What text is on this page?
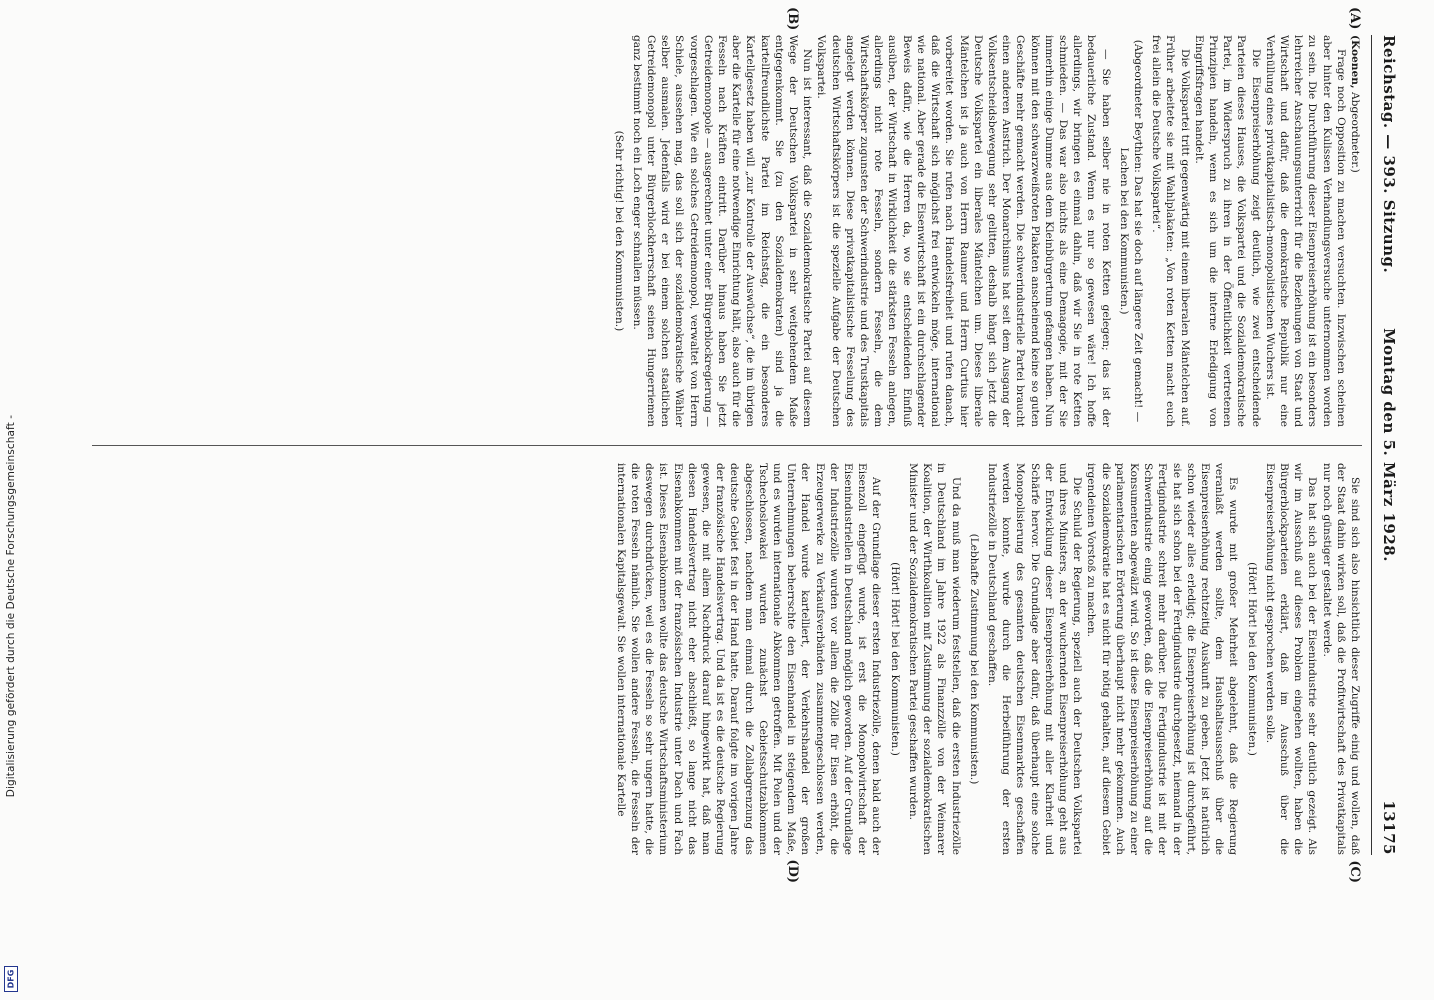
Digitalisierung gefördert durch die Deutsche Forschungsgemeinschaft -
DFG
Reichstag. — 393. Sitzung.
Montag den 5. März 1928.
13175
(A)
(B)
(C)
(D)

(Koenen, Abgeordneter.)

Frage noch Opposition zu machen versuchten. Inzwischen scheinen aber hinter den Kulissen Verhandlungsversuche unternommen worden zu sein. Die Durchführung dieser Eisenpreiserhöhung ist ein besonders lehrreicher Anschauungsunterricht für die Beziehungen von Staat und Wirtschaft und dafür, daß die demokratische Republik nur eine Verhüllung eines privatkapitalistisch-monopolistischen Wuchers ist.

Die Eisenpreiserhöhung zeigt deutlich, wie zwei entscheidende Parteien dieses Hauses, die Volkspartei und die Sozialdemokratische Partei, im Widerspruch zu ihren in der Öffentlichkeit vertretenen Prinzipien handeln, wenn es sich um die interne Erledigung von Eingriffsfragen handelt.

Die Volkspartei tritt gegenwärtig mit einem liberalen Mäntelchen auf. Früher arbeitete sie mit Wahlplakaten: „Von roten Ketten macht euch frei allein die Deutsche Volkspartei“.

(Abgeordneter Beythien: Das hat sie doch auf längere Zeit gemacht! — Lachen bei den Kommunisten.)

— Sie haben selber nie in roten Ketten gelegen; das ist der bedauerliche Zustand. Wenn es nur so gewesen wäre! Ich hoffe allerdings, wir bringen es einmal dahin, daß wir Sie in rote Ketten schmieden. — Das war also nichts als eine Demagogie, mit der Sie immerhin einige Dumme aus dem Kleinbürgertum gefangen haben. Nun können mit den schwarzweißroten Plakaten anscheinend keine so guten Geschäfte mehr gemacht werden. Die schwerindustrielle Partei braucht einen anderen Anstrich. Der Monarchismus hat seit dem Ausgang der Volksentscheidsbewegung sehr gelitten, deshalb hängt sich jetzt die Deutsche Volkspartei ein liberales Mäntelchen um. Dieses liberale Mäntelchen ist ja auch von Herrn Raumer und Herrn Curtius hier vorbereitet worden. Sie rufen nach Handelsfreiheit und rufen danach, daß die Wirtschaft sich möglichst frei entwickeln möge, international wie national. Aber gerade die Eisenwirtschaft ist ein durchschlagender Beweis dafür, wie die Herren da, wo sie entscheidenden Einfluß ausüben, der Wirtschaft in Wirklichkeit die stärksten Fesseln anlegen, allerdings nicht rote Fesseln, sondern Fesseln, die dem Wirtschaftskörper zugunsten der Schwerindustrie und des Trustkapitals angelegt werden können. Diese privatkapitalistische Fesselung des deutschen Wirtschaftskörpers ist die spezielle Aufgabe der Deutschen Volkspartei.

Nun ist interessant, daß die Sozialdemokratische Partei auf diesem Wege der Deutschen Volkspartei in sehr weitgehendem Maße entgegenkommt. Sie (zu den Sozialdemokraten) sind ja die kartellfreundlichste Partei im Reichstag, die ein besonderes Kartellgesetz haben will „zur Kontrolle der Auswüchse“, die im übrigen aber die Kartelle für eine notwendige Einrichtung hält, also auch für die Fesseln nach Kräften eintritt. Darüber hinaus haben Sie jetzt Getreidemonopole — ausgerechnet unter einer Bürgerblockregierung — vorgeschlagen. Wie ein solches Getreidemonopol, verwaltet von Herrn Schiele, aussehen mag, das soll sich der sozialdemokratische Wähler selber ausmalen. Jedenfalls wird er bei einem solchen staatlichen Getreidemonopol unter Bürgerblockherrschaft seinen Hungerriemen ganz bestimmt noch ein Loch enger schnallen müssen.

(Sehr richtig! bei den Kommunisten.)

Sie sind sich also hinsichtlich dieser Zugriffe einig und wollen, daß der Staat dahin wirken soll, daß die Profitwirtschaft des Privatkapitals nur noch günstiger gestaltet werde.

Das hat sich auch bei der Eisenindustrie sehr deutlich gezeigt. Als wir im Ausschuß auf dieses Problem eingehen wollten, haben die Bürgerblockparteien erklärt, daß im Ausschuß über die Eisenpreiserhöhung nicht gesprochen werden solle.

(Hört! Hört! bei den Kommunisten.)

Es wurde mit großer Mehrheit abgelehnt, daß die Regierung veranlaßt werden sollte, dem Haushaltsausschuß über die Eisenpreiserhöhung rechtzeitig Auskunft zu geben. Jetzt ist natürlich schon wieder alles erledigt; die Eisenpreiserhöhung ist durchgeführt, sie hat sich schon bei der Fertigindustrie durchgesetzt, niemand in der Fertigindustrie schreit mehr darüber. Die Fertigindustrie ist mit der Schwerindustrie einig geworden, daß die Eisenpreiserhöhung auf die Konsumenten abgewälzt wird. So ist diese Eisenpreiserhöhung zu einer parlamentarischen Erörterung überhaupt nicht mehr gekommen. Auch die Sozialdemokratie hat es nicht für nötig gehalten, auf diesem Gebiet irgendeinen Vorstoß zu machen.

Die Schuld der Regierung, speziell auch der Deutschen Volkspartei und ihres Ministers, an der wuchernden Eisenpreiserhöhung geht aus der Entwicklung dieser Eisenpreiserhöhung mit aller Klarheit und Schärfe hervor. Die Grundlage aber dafür, daß überhaupt eine solche Monopolisierung des gesamten deutschen Eisenmarktes geschaffen werden konnte, wurde durch die Herbeiführung der ersten Industriezölle in Deutschland geschaffen.

(Lebhafte Zustimmung bei den Kommunisten.)

Und da muß man wiederum feststellen, daß die ersten Industriezölle in Deutschland im Jahre 1922 als Finanzzölle von der Weimarer Koalition, der Wirthkoalition mit Zustimmung der sozialdemokratischen Minister und der Sozialdemokratischen Partei geschaffen wurden.

(Hört! Hört! bei den Kommunisten.)

Auf der Grundlage dieser ersten Industriezölle, denen bald auch der Eisenzoll eingefügt wurde, ist erst die Monopolwirtschaft der Eisenindustriellen in Deutschland möglich geworden. Auf der Grundlage der Industriezölle wurden vor allem die Zölle für Eisen erhöht, die Erzeugerwerke zu Verkaufsverbänden zusammengeschlossen werden, der Handel wurde kartelliert, der Verkehrshandel der großen Unternehmungen beherrschte den Eisenhandel in steigendem Maße, und es wurden internationale Abkommen getroffen. Mit Polen und der Tschechoslowakei wurden zunächst Gebietsschutzabkommen abgeschlossen, nachdem man einmal durch die Zollabgrenzung das deutsche Gebiet fest in der Hand hatte. Darauf folgte im vorigen Jahre der französische Handelsvertrag. Und da ist es die deutsche Regierung gewesen, die mit allem Nachdruck darauf hingewirkt hat, daß man diesen Handelsvertrag nicht eher abschließt, so lange nicht das Eisenabkommen mit der französischen Industrie unter Dach und Fach ist. Dieses Eisenabkommen wollte das deutsche Wirtschaftsministerium deswegen durchdrücken, weil es die Fesseln so sehr ungern hatte, die die roten Fesseln nämlich. Sie wollen andere Fesseln, die Fesseln der internationalen Kapitalsgewalt. Sie wollen internationale Kartelle
